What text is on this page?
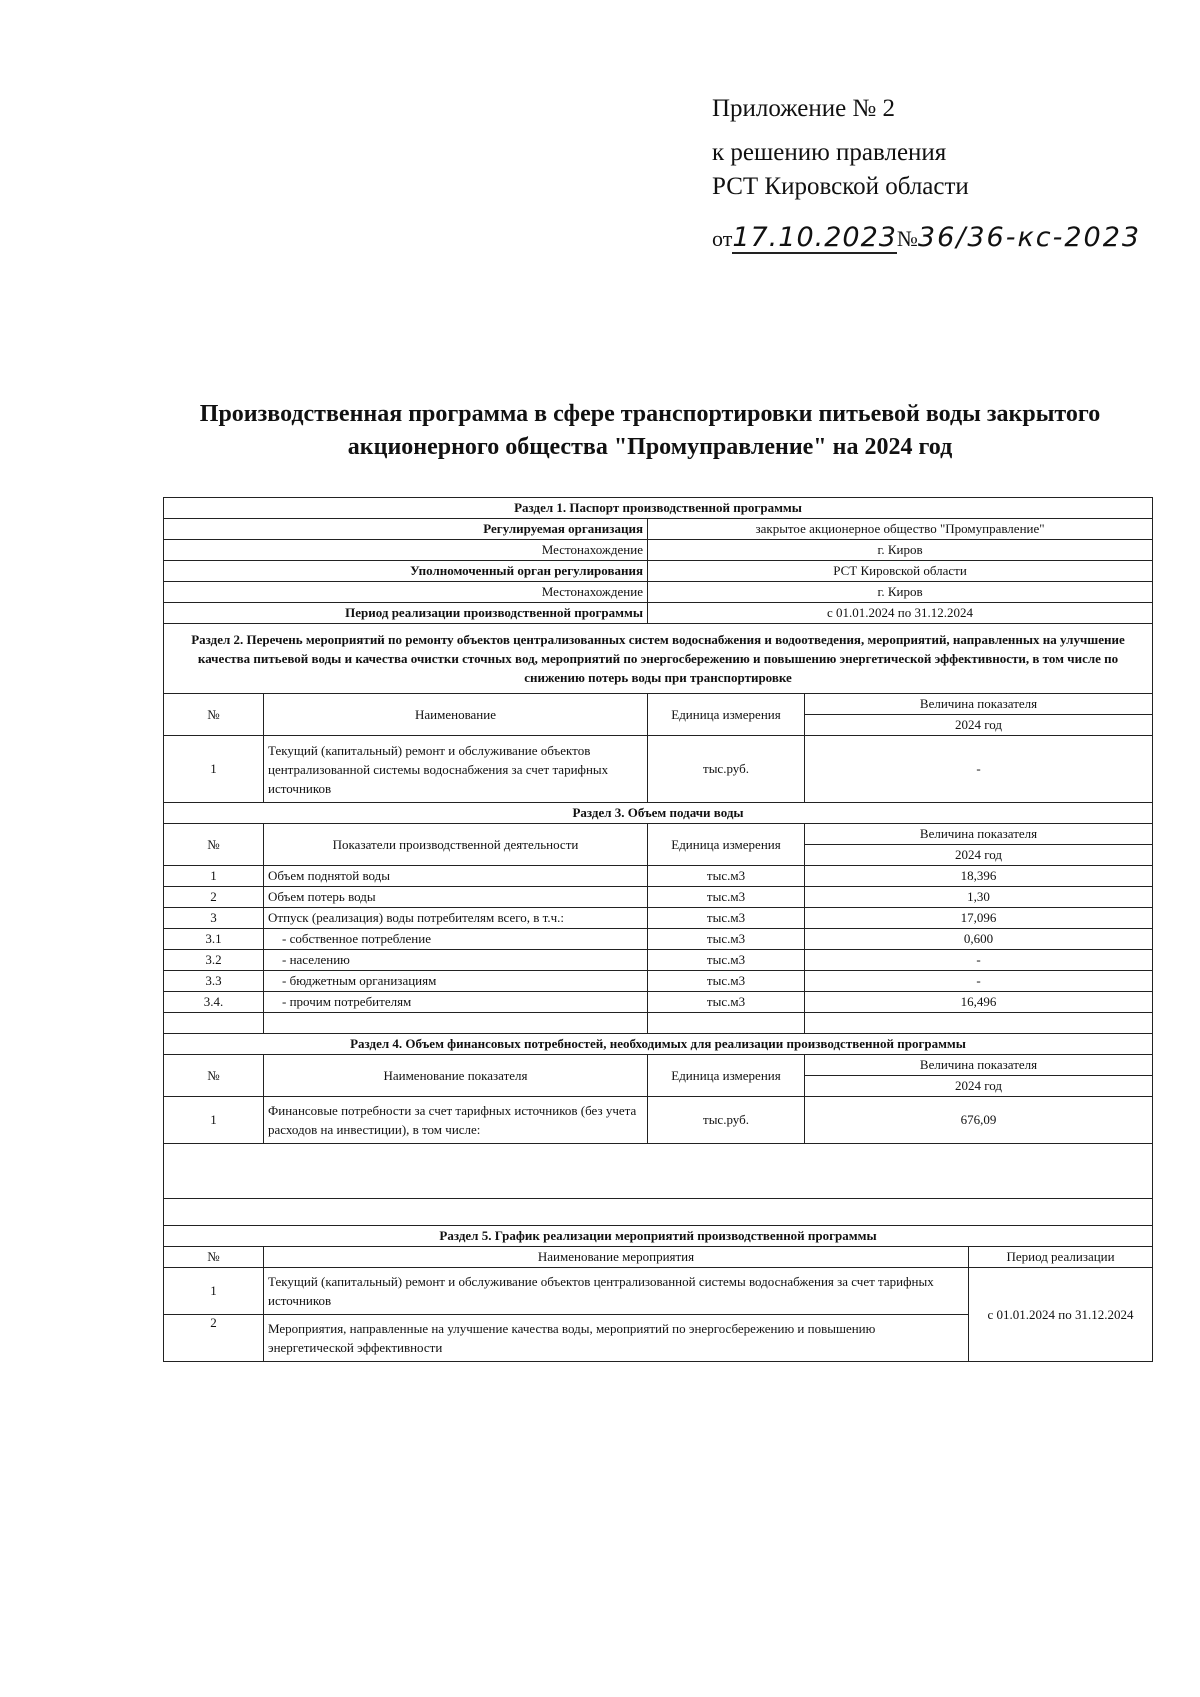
Приложение № 2
к решению правления
РСТ Кировской области
от17.10.2023№36/36-кс-2023
Производственная программа в сфере транспортировки питьевой воды закрытого
акционерного общества "Промуправление" на 2024 год
Раздел 1. Паспорт производственной программы				
Регулируемая организация		закрытое акционерное общество "Промуправление"		
Местонахождение		г. Киров		
Уполномоченный орган регулирования		РСТ Кировской области		
Местонахождение		г. Киров		
Период реализации производственной программы		с 01.01.2024 по 31.12.2024		
Раздел 2. Перечень мероприятий по ремонту объектов централизованных систем водоснабжения и водоотведения, мероприятий, направленных на улучшение качества питьевой воды и качества очистки сточных вод, мероприятий по энергосбережению и повышению энергетической эффективности, в том числе по снижению потерь воды при транспортировке				
№	Наименование	Единица измерения	Величина показателя	
			2024 год	
1	Текущий (капитальный) ремонт и обслуживание объектов централизованной системы водоснабжения за счет тарифных источников	тыс.руб.	-	
Раздел 3. Объем подачи воды				
№	Показатели производственной деятельности	Единица измерения	Величина показателя	
			2024 год	
1	Объем поднятой воды	тыс.м3	18,396	
2	Объем потерь воды	тыс.м3	1,30	
3	Отпуск (реализация) воды потребителям всего, в т.ч.:	тыс.м3	17,096	
3.1	- собственное потребление	тыс.м3	0,600	
3.2	- населению	тыс.м3	-	
3.3	- бюджетным организациям	тыс.м3	-	
3.4.	- прочим потребителям	тыс.м3	16,496	

Раздел 4. Объем финансовых потребностей, необходимых для реализации производственной программы				
№	Наименование показателя	Единица измерения	Величина показателя	
			2024 год	
1	Финансовые потребности за счет тарифных источников (без учета расходов на инвестиции), в том числе:	тыс.руб.	676,09	

Раздел 5. График реализации мероприятий производственной программы				
№	Наименование мероприятия			Период реализации
1	Текущий (капитальный) ремонт и обслуживание объектов централизованной системы водоснабжения за счет тарифных источников			с 01.01.2024 по 31.12.2024
2	Мероприятия, направленные на улучшение качества воды, мероприятий по энергосбережению и повышению энергетической эффективности			
